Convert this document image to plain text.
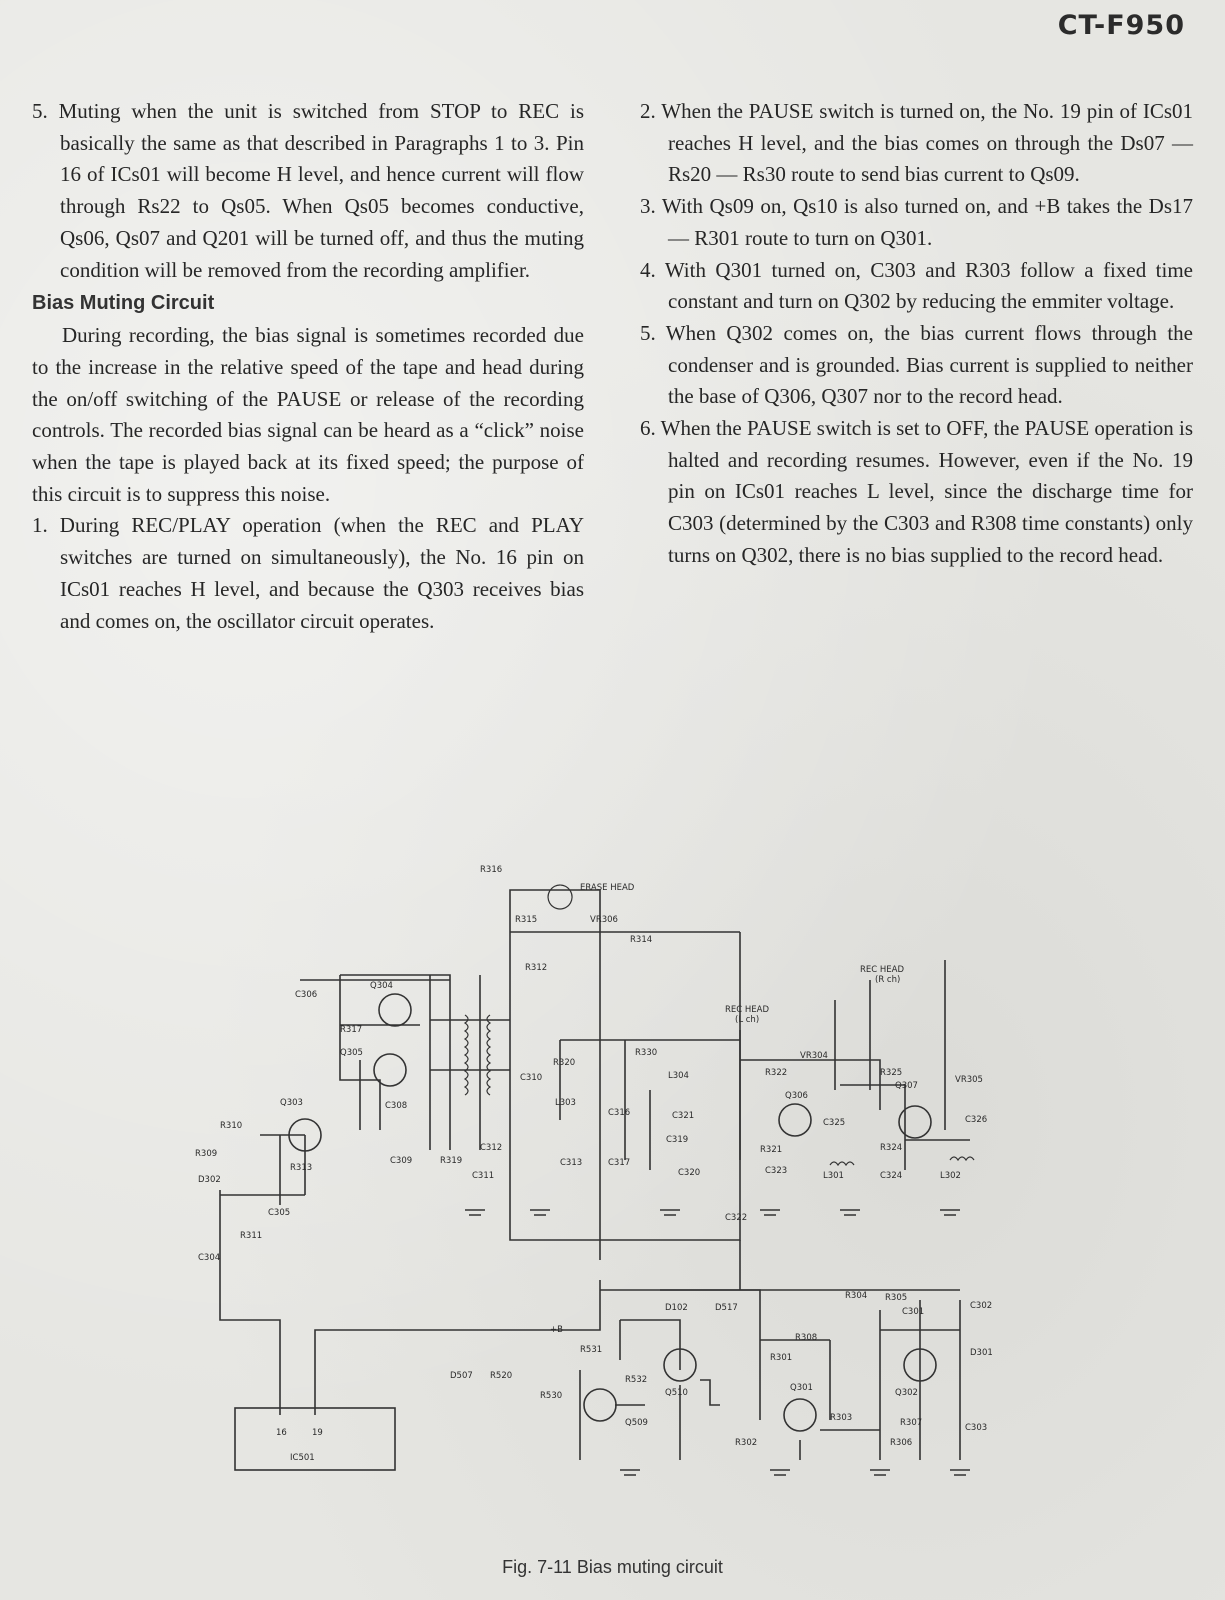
CT-F950

5. Muting when the unit is switched from STOP to REC is basically the same as that described in Paragraphs 1 to 3. Pin 16 of ICs01 will become H level, and hence current will flow through Rs22 to Qs05. When Qs05 becomes conductive, Qs06, Qs07 and Q201 will be turned off, and thus the muting condition will be removed from the recording amplifier.

Bias Muting Circuit

During recording, the bias signal is sometimes recorded due to the increase in the relative speed of the tape and head during the on/off switching of the PAUSE or release of the recording controls. The recorded bias signal can be heard as a “click” noise when the tape is played back at its fixed speed; the purpose of this circuit is to suppress this noise.

1. During REC/PLAY operation (when the REC and PLAY switches are turned on simultaneously), the No. 16 pin on ICs01 reaches H level, and because the Q303 receives bias and comes on, the oscillator circuit operates.

2. When the PAUSE switch is turned on, the No. 19 pin of ICs01 reaches H level, and the bias comes on through the Ds07 — Rs20 — Rs30 route to send bias current to Qs09.

3. With Qs09 on, Qs10 is also turned on, and +B takes the Ds17 — R301 route to turn on Q301.

4. With Q301 turned on, C303 and R303 follow a fixed time constant and turn on Q302 by reducing the emmiter voltage.

5. When Q302 comes on, the bias current flows through the condenser and is grounded. Bias current is supplied to neither the base of Q306, Q307 nor to the record head.

6. When the PAUSE switch is set to OFF, the PAUSE operation is halted and recording resumes. However, even if the No. 19 pin on ICs01 reaches L level, since the discharge time for C303 (determined by the C303 and R308 time constants) only turns on Q302, there is no bias supplied to the record head.

ERASE HEAD
R316
R315	VR306
R314
R312	REC HEAD
(R ch)
REC HEAD
(L ch)
C306
Q304
R317
Q305
C308
C310
R320
L303
R330	VR304
Q303
R310
R309
D302
R313
C305
R311
C304
C309	R319
C312
C311
C313
C316
C317
L304
C321
C319
C320
C322
R322
Q306
R321
C323
C325
L301
R325
Q307
R324
C324	L302
VR305
C326
D102	D517
+B
R531
R532
Q510
D507 R520
R530
Q509
R304 R305
C301
C302
R308
R301	D301
Q301	Q302
R303	R307
R306
C303
R302
16	19
IC501
Fig. 7-11 Bias muting circuit
